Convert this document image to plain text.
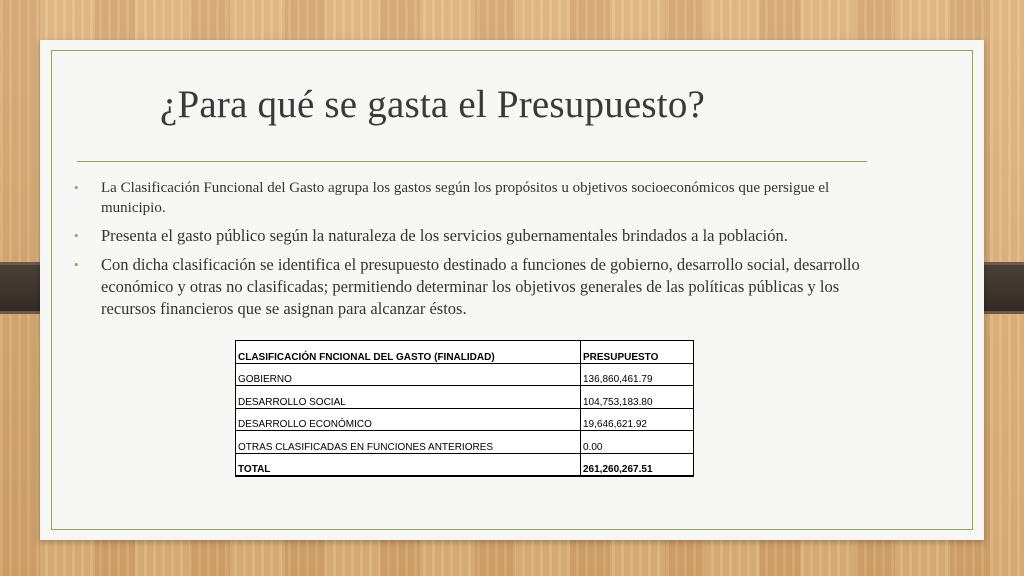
¿Para qué se gasta el Presupuesto?
• La Clasificación Funcional del Gasto agrupa los gastos según los propósitos u objetivos socioeconómicos que persigue el municipio.
• Presenta el gasto público según la naturaleza de los servicios gubernamentales brindados a la población.
• Con dicha clasificación se identifica el presupuesto destinado a funciones de gobierno, desarrollo social, desarrollo económico y otras no clasificadas; permitiendo determinar los objetivos generales de las políticas públicas y los recursos financieros que se asignan para alcanzar éstos.
CLASIFICACIÓN FNCIONAL DEL GASTO (FINALIDAD)	PRESUPUESTO
GOBIERNO	136,860,461.79
DESARROLLO SOCIAL	104,753,183.80
DESARROLLO ECONÓMICO	19,646,621.92
OTRAS CLASIFICADAS EN FUNCIONES ANTERIORES	0.00
TOTAL	261,260,267.51
